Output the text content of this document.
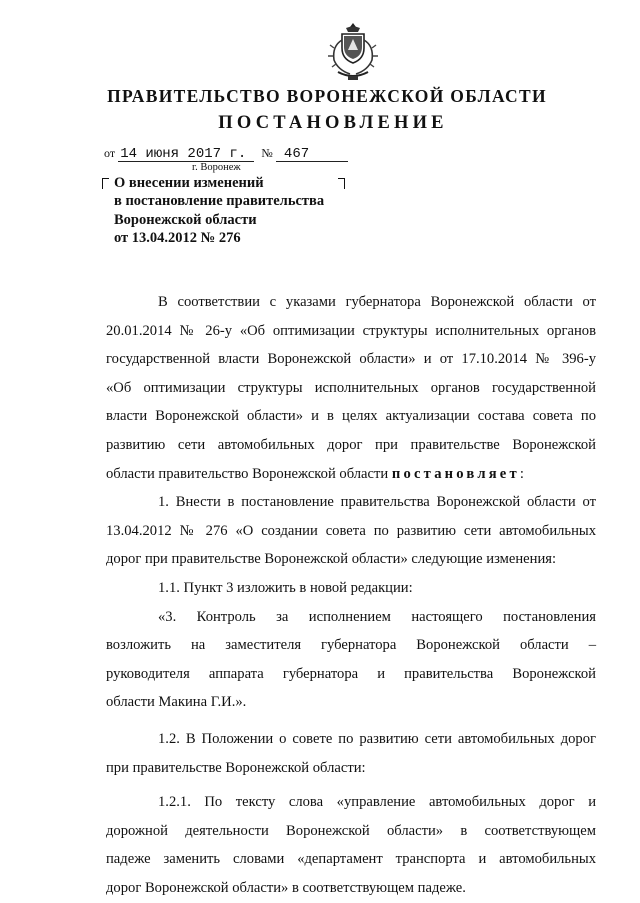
ПРАВИТЕЛЬСТВО ВОРОНЕЖСКОЙ ОБЛАСТИ
ПОСТАНОВЛЕНИЕ
от 14 июня 2017 г. № 467
г. Воронеж
О внесении изменений
в постановление правительства
Воронежской области
от 13.04.2012 № 276
В соответствии с указами губернатора Воронежской области от
20.01.2014 № 26-у «Об оптимизации структуры исполнительных органов
государственной власти Воронежской области» и от 17.10.2014 № 396-у
«Об оптимизации структуры исполнительных органов государственной
власти Воронежской области» и в целях актуализации состава совета по
развитию сети автомобильных дорог при правительстве Воронежской
области правительство Воронежской области постановляет:
1. Внести в постановление правительства Воронежской области от
13.04.2012 № 276 «О создании совета по развитию сети автомобильных
дорог при правительстве Воронежской области» следующие изменения:
1.1. Пункт 3 изложить в новой редакции:
«3. Контроль за исполнением настоящего постановления
возложить на заместителя губернатора Воронежской области –
руководителя аппарата губернатора и правительства Воронежской
области Макина Г.И.».
1.2. В Положении о совете по развитию сети автомобильных дорог
при правительстве Воронежской области:
1.2.1. По тексту слова «управление автомобильных дорог и
дорожной деятельности Воронежской области» в соответствующем
падеже заменить словами «департамент транспорта и автомобильных
дорог Воронежской области» в соответствующем падеже.
